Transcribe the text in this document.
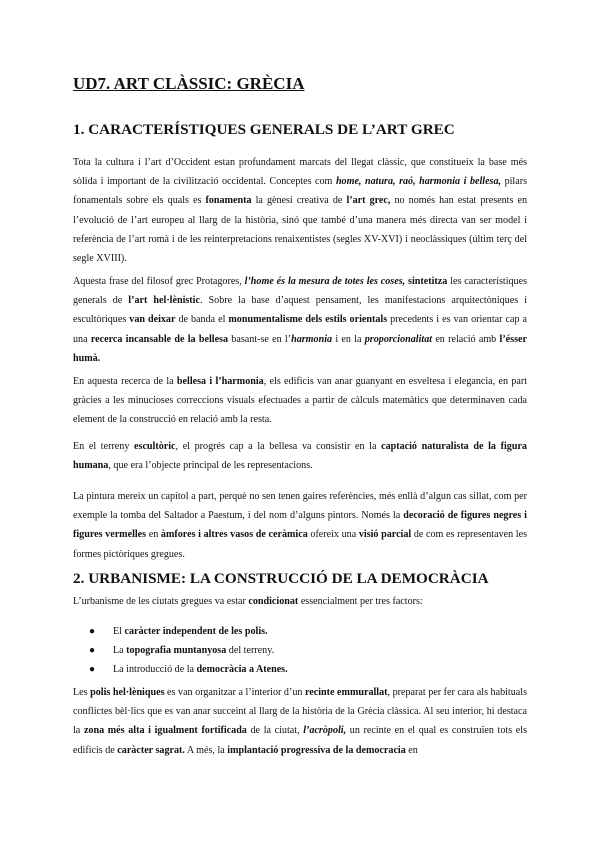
UD7. ART CLÀSSIC: GRÈCIA
1. CARACTERÍSTIQUES GENERALS DE L’ART GREC

Tota la cultura i l’art d’Occident estan profundament marcats del llegat clàssic, que constitueix la base més sòlida i important de la civilització occidental. Conceptes com home, natura, raó, harmonia i bellesa, pilars fonamentals sobre els quals es fonamenta la gènesi creativa de l’art grec, no només han estat presents en l’evolució de l’art europeu al llarg de la història, sinó que també d’una manera més directa van ser model i referència de l’art romà i de les reinterpretacions renaixentistes (segles XV-XVI) i neoclàssiques (últim terç del segle XVIII).

Aquesta frase del filosof grec Protagores, l’home és la mesura de totes les coses, sintetitza les característiques generals de l’art hel·lènistic. Sobre la base d’aquest pensament, les manifestacions arquitectòniques i escultòriques van deixar de banda el monumentalisme dels estils orientals precedents i es van orientar cap a una recerca incansable de la bellesa basant-se en l’harmonia i en la proporcionalitat en relació amb l’ésser humà.

En aquesta recerca de la bellesa i l’harmonia, els edificis van anar guanyant en esveltesa i elegancia, en part gràcies a les minucioses correccions visuals efectuades a partir de càlculs matemàtics que determinaven cada element de la construcció en relació amb la resta.

En el terreny escultòric, el progrés cap a la bellesa va consistir en la captació naturalista de la figura humana, que era l’objecte principal de les representacions.

La pintura mereix un capítol a part, perquè no sen tenen gaires referències, més enllà d’algun cas sillat, com per exemple la tomba del Saltador a Paestum, i del nom d’alguns pintors. Només la decoració de figures negres i figures vermelles en àmfores i altres vasos de ceràmica ofereix una visió parcial de com es representaven les formes pictòriques gregues.

2. URBANISME: LA CONSTRUCCIÓ DE LA DEMOCRÀCIA

L’urbanisme de les ciutats gregues va estar condicionat essencialment per tres factors:

● El caràcter independent de les polis.
● La topografia muntanyosa del terreny.
● La introducció de la democràcia a Atenes.

Les polis hel·lèniques es van organitzar a l’interior d’un recinte emmurallat, preparat per fer cara als habituals conflictes bèl·lics que es van anar succeint al llarg de la història de la Grècia clàssica. Al seu interior, hi destaca la zona més alta i igualment fortificada de la ciutat, l’acròpoli, un recinte en el qual es construïen tots els edificis de caràcter sagrat. A més, la implantació progressiva de la democracia en
